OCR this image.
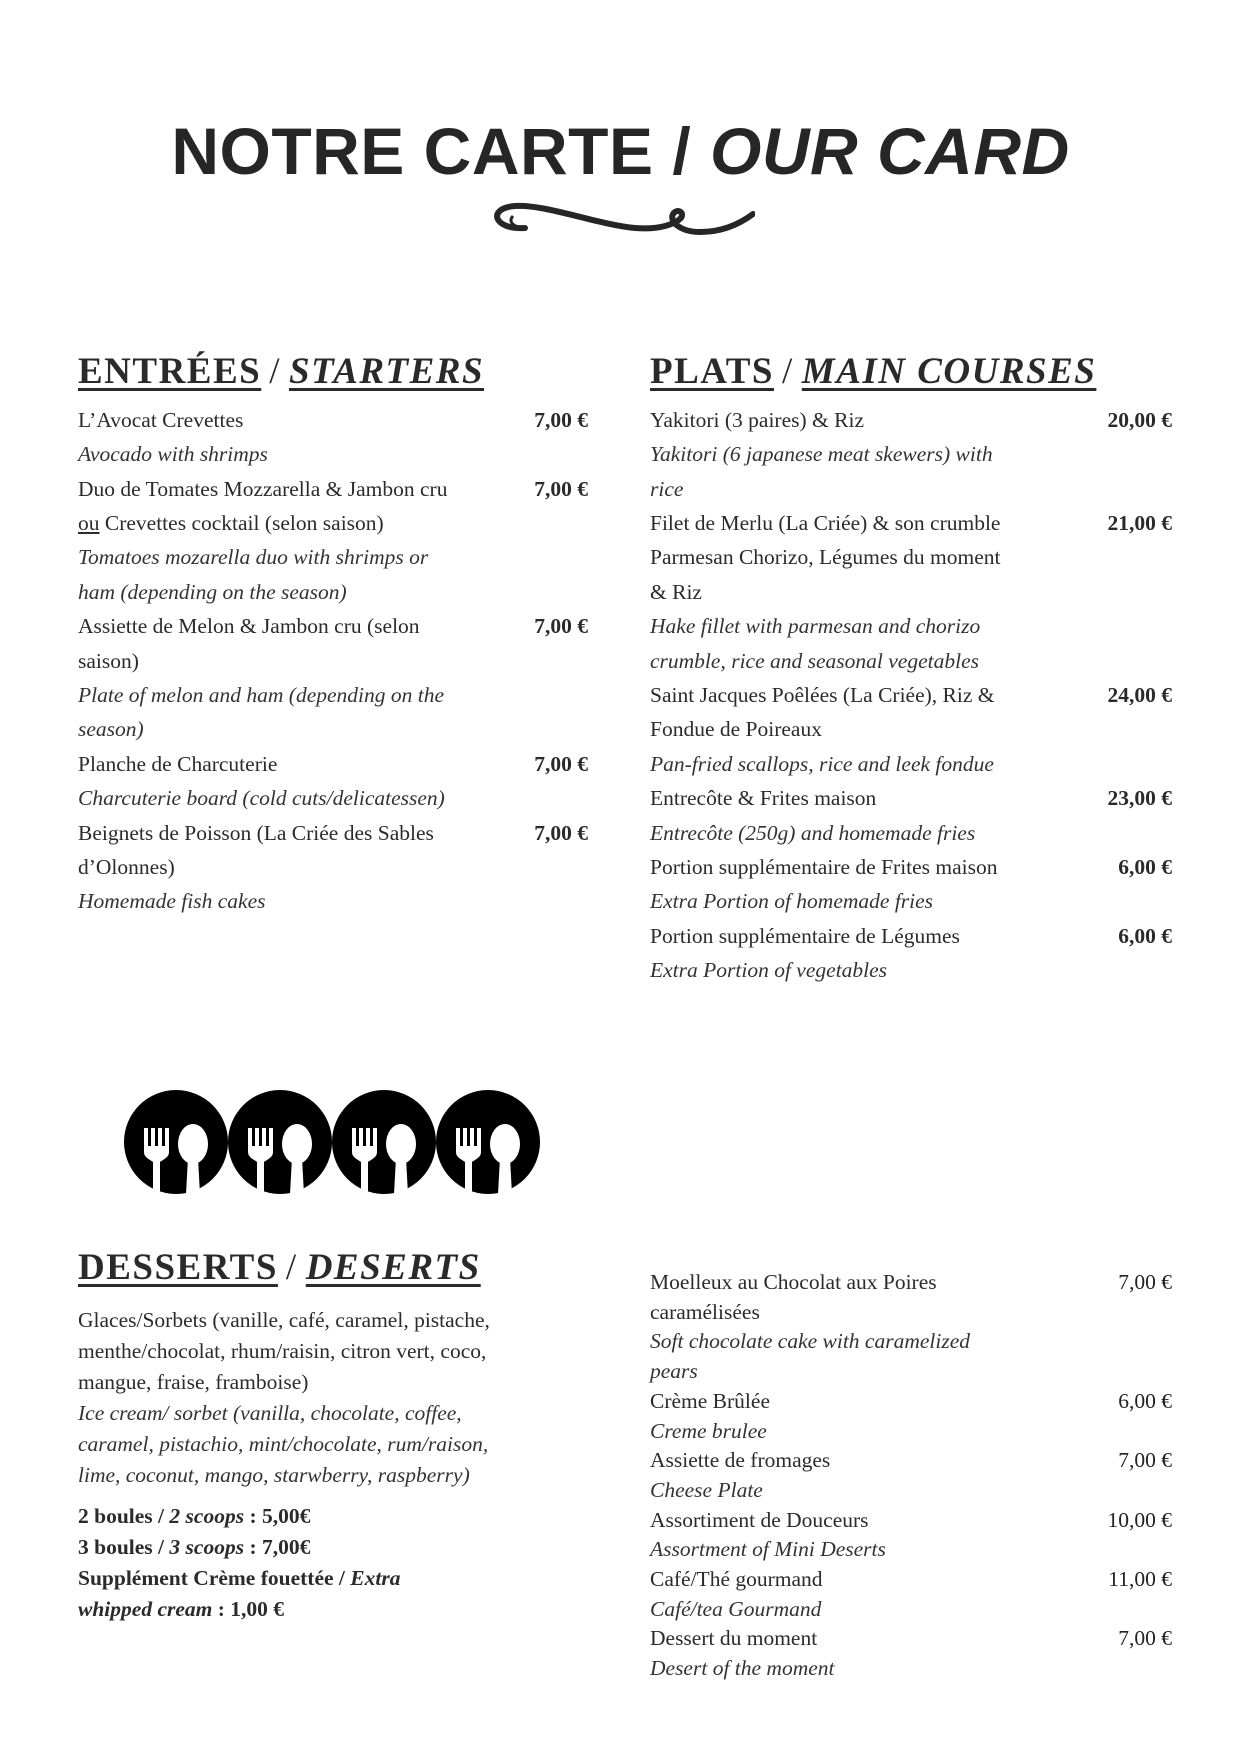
NOTRE CARTE / OUR CARD
ENTRÉES / STARTERS
L’Avocat Crevettes
Avocado with shrimps
7,00 €
Duo de Tomates Mozzarella & Jambon cru ou Crevettes cocktail (selon saison)
Tomatoes mozarella duo with shrimps or ham (depending on the season)
7,00 €
Assiette de Melon & Jambon cru (selon saison)
Plate of melon and ham (depending on the season)
7,00 €
Planche de Charcuterie
Charcuterie board (cold cuts/delicatessen)
7,00 €
Beignets de Poisson (La Criée des Sables d’Olonnes)
Homemade fish cakes
7,00 €
PLATS / MAIN COURSES
Yakitori (3 paires) & Riz
Yakitori (6 japanese meat skewers) with rice
20,00 €
Filet de Merlu (La Criée) & son crumble Parmesan Chorizo, Légumes du moment & Riz
Hake fillet with parmesan and chorizo crumble, rice and seasonal vegetables
21,00 €
Saint Jacques Poêlées (La Criée), Riz & Fondue de Poireaux
Pan-fried scallops, rice and leek fondue
24,00 €
Entrecôte & Frites maison
Entrecôte (250g) and homemade fries
23,00 €
Portion supplémentaire de Frites maison
Extra Portion of homemade fries
6,00 €
Portion supplémentaire de Légumes
Extra Portion of vegetables
6,00 €
DESSERTS / DESERTS
Glaces/Sorbets (vanille, café, caramel, pistache, menthe/chocolat, rhum/raisin, citron vert, coco, mangue, fraise, framboise)
Ice cream/ sorbet (vanilla, chocolate, coffee, caramel, pistachio, mint/chocolate, rum/raison, lime, coconut, mango, starwberry, raspberry)
2 boules / 2 scoops : 5,00€
3 boules / 3 scoops : 7,00€
Supplément Crème fouettée / Extra whipped cream : 1,00 €
Moelleux au Chocolat aux Poires caramélisées
Soft chocolate cake with caramelized pears
7,00 €
Crème Brûlée
Creme brulee
6,00 €
Assiette de fromages
Cheese Plate
7,00 €
Assortiment de Douceurs
Assortment of Mini Deserts
10,00 €
Café/Thé gourmand
Café/tea Gourmand
11,00 €
Dessert du moment
Desert of the moment
7,00 €
